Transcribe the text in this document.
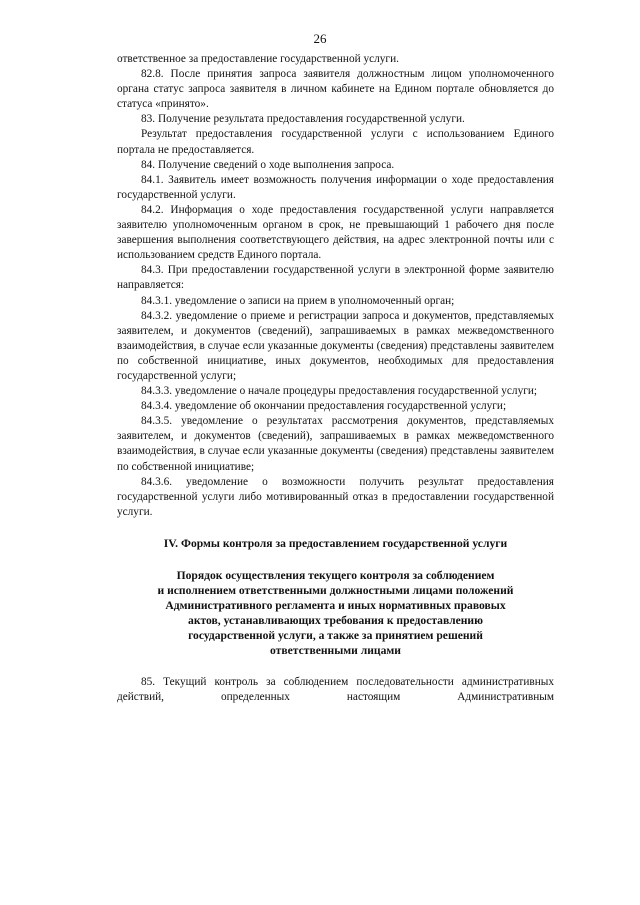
26

ответственное за предоставление государственной услуги.

82.8. После принятия запроса заявителя должностным лицом уполномоченного органа статус запроса заявителя в личном кабинете на Едином портале обновляется до статуса «принято».

83. Получение результата предоставления государственной услуги.

Результат предоставления государственной услуги с использованием Единого портала не предоставляется.

84. Получение сведений о ходе выполнения запроса.

84.1. Заявитель имеет возможность получения информации о ходе предоставления государственной услуги.

84.2. Информация о ходе предоставления государственной услуги направляется заявителю уполномоченным органом в срок, не превышающий 1 рабочего дня после завершения выполнения соответствующего действия, на адрес электронной почты или с использованием средств Единого портала.

84.3. При предоставлении государственной услуги в электронной форме заявителю направляется:

84.3.1. уведомление о записи на прием в уполномоченный орган;

84.3.2. уведомление о приеме и регистрации запроса и документов, представляемых заявителем, и документов (сведений), запрашиваемых в рамках межведомственного взаимодействия, в случае если указанные документы (сведения) представлены заявителем по собственной инициативе, иных документов, необходимых для предоставления государственной услуги;

84.3.3. уведомление о начале процедуры предоставления государственной услуги;

84.3.4. уведомление об окончании предоставления государственной услуги;

84.3.5. уведомление о результатах рассмотрения документов, представляемых заявителем, и документов (сведений), запрашиваемых в рамках межведомственного взаимодействия, в случае если указанные документы (сведения) представлены заявителем по собственной инициативе;

84.3.6. уведомление о возможности получить результат предоставления государственной услуги либо мотивированный отказ в предоставлении государственной услуги.

IV. Формы контроля за предоставлением государственной услуги
Порядок осуществления текущего контроля за соблюдением
и исполнением ответственными должностными лицами положений
Административного регламента и иных нормативных правовых
актов, устанавливающих требования к предоставлению
государственной услуги, а также за принятием решений
ответственными лицами

85. Текущий контроль за соблюдением последовательности административных действий, определенных настоящим Административным
